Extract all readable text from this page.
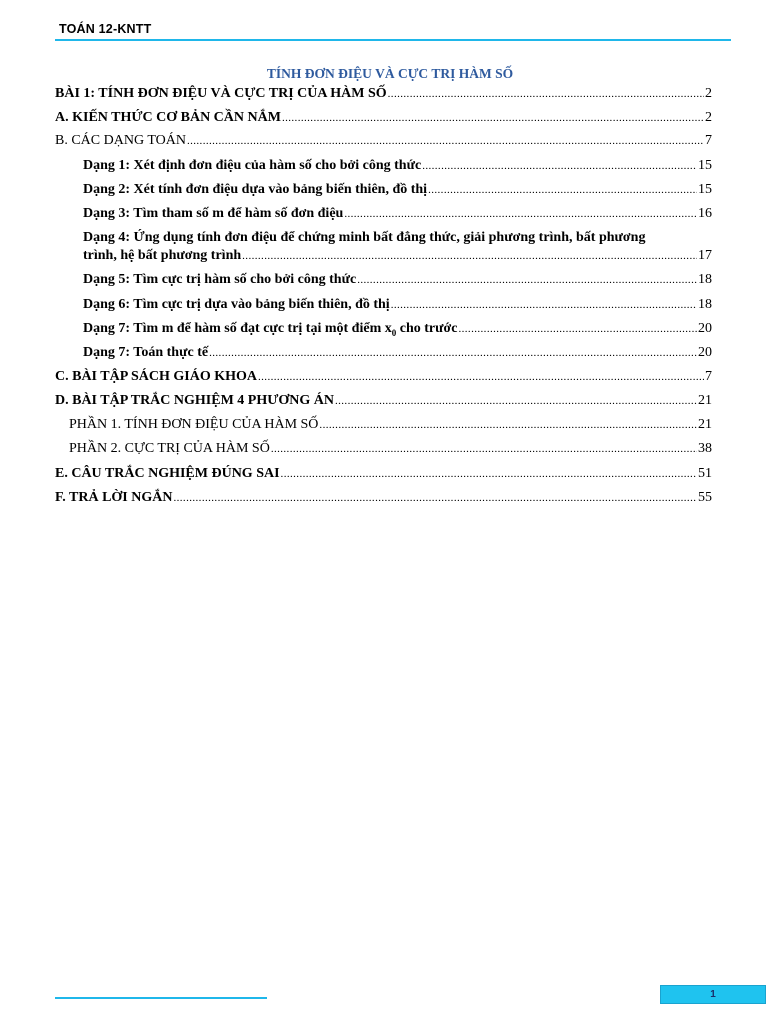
TOÁN 12-KNTT
TÍNH ĐƠN ĐIỆU VÀ CỰC TRỊ HÀM SỐ
BÀI 1: TÍNH ĐƠN ĐIỆU VÀ CỰC TRỊ CỦA HÀM SỐ .....	2
A. KIẾN THỨC CƠ BẢN CẦN NẮM .....	2
B. CÁC DẠNG TOÁN .....	7
Dạng 1: Xét định đơn điệu của hàm số cho bởi công thức .....	15
Dạng 2: Xét tính đơn điệu dựa vào bảng biến thiên, đồ thị .....	15
Dạng 3: Tìm tham số m để hàm số đơn điệu .....	16
Dạng 4: Ứng dụng tính đơn điệu để chứng minh bất đẳng thức, giải phương trình, bất phương
trình, hệ bất phương trình .....	17
Dạng 5: Tìm cực trị hàm số cho bởi công thức .....	18
Dạng 6: Tìm cực trị dựa vào bảng biến thiên, đồ thị .....	18
Dạng 7: Tìm m để hàm số đạt cực trị tại một điểm $x_0$ cho trước .....	20
Dạng 7: Toán thực tế .....	20
C. BÀI TẬP SÁCH GIÁO KHOA .....	7
D. BÀI TẬP TRẮC NGHIỆM 4 PHƯƠNG ÁN .....	21
PHẦN 1. TÍNH ĐƠN ĐIỆU CỦA HÀM SỐ .....	21
PHẦN 2. CỰC TRỊ CỦA HÀM SỐ .....	38
E. CÂU TRẮC NGHIỆM ĐÚNG SAI .....	51
F. TRẢ LỜI NGẮN .....	55
1
